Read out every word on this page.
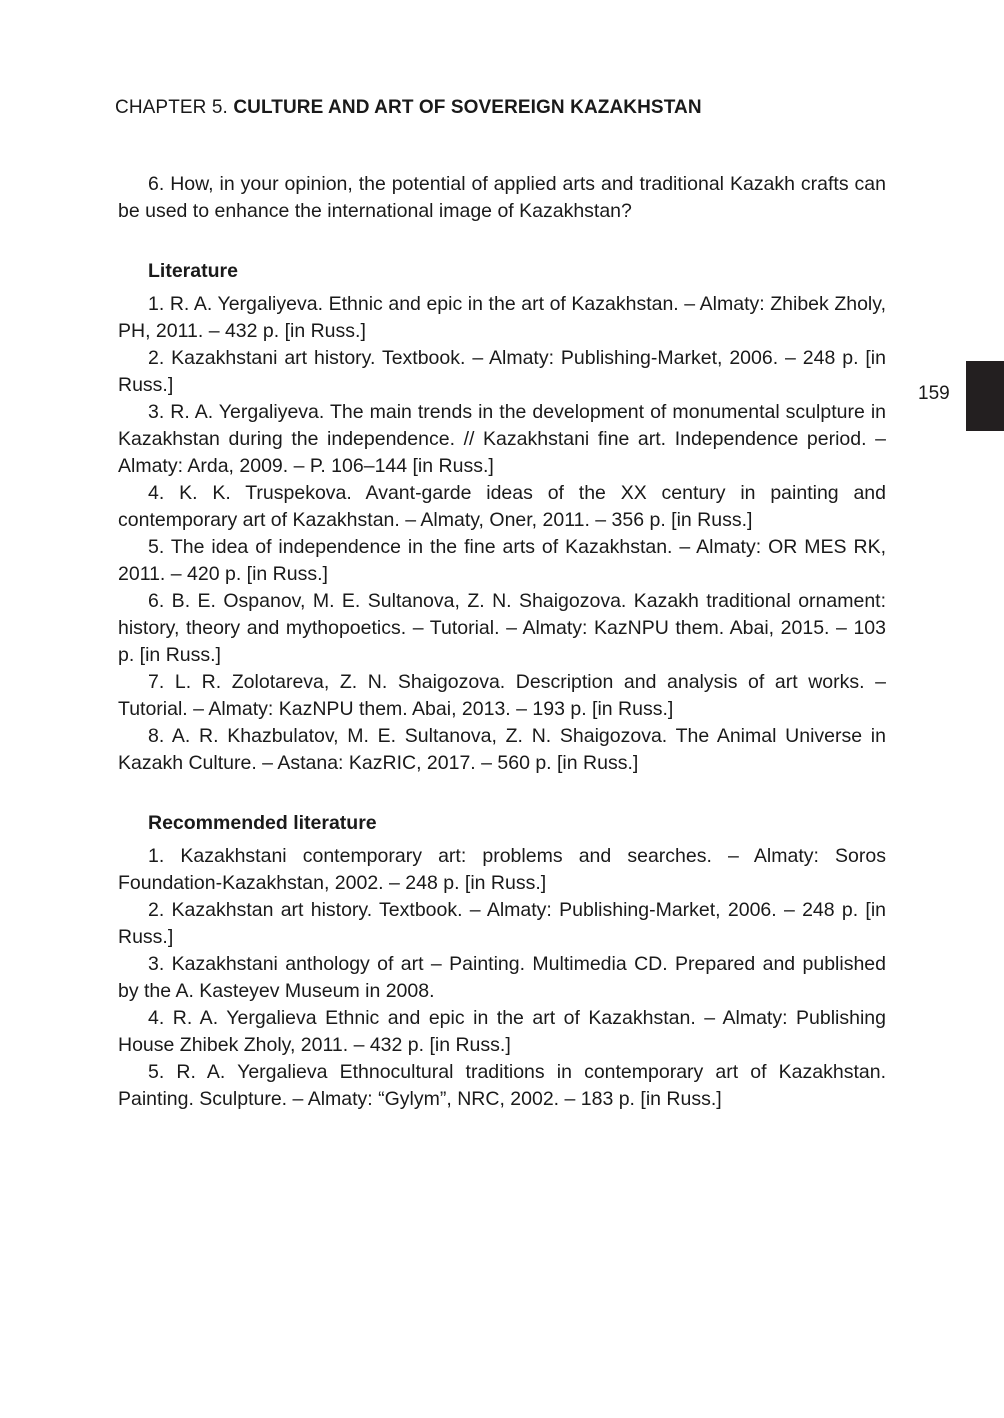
CHAPTER 5. CULTURE AND ART OF SOVEREIGN KAZAKHSTAN
159

6. How, in your opinion, the potential of applied arts and traditional Kazakh crafts can be used to enhance the international image of Kazakhstan?

Literature

1. R. A. Yergaliyeva. Ethnic and epic in the art of Kazakhstan. – Almaty: Zhibek Zholy, PH, 2011. – 432 p. [in Russ.]

2. Kazakhstani art history. Textbook. – Almaty: Publishing-Market, 2006. – 248 p. [in Russ.]

3. R. A. Yergaliyeva. The main trends in the development of monumental sculpture in Kazakhstan during the independence. // Kazakhstani fine art. Independence period. – Almaty: Arda, 2009. – P. 106–144 [in Russ.]

4. K. K. Truspekova. Avant-garde ideas of the XX century in painting and contemporary art of Kazakhstan. – Almaty, Oner, 2011. – 356 p. [in Russ.]

5. The idea of independence in the fine arts of Kazakhstan. – Almaty: OR MES RK, 2011. – 420 p. [in Russ.]

6. B. E. Ospanov, M. E. Sultanova, Z. N. Shaigozova. Kazakh traditional ornament: history, theory and mythopoetics. – Tutorial. – Almaty: KazNPU them. Abai, 2015. – 103 p. [in Russ.]

7. L. R. Zolotareva, Z. N. Shaigozova. Description and analysis of art works. – Tutorial. – Almaty: KazNPU them. Abai, 2013. – 193 p. [in Russ.]

8. A. R. Khazbulatov, M. E. Sultanova, Z. N. Shaigozova. The Animal Universe in Kazakh Culture. – Astana: KazRIC, 2017. – 560 p. [in Russ.]

Recommended literature

1. Kazakhstani contemporary art: problems and searches. – Almaty: Soros Foundation-Kazakhstan, 2002. – 248 p. [in Russ.]

2. Kazakhstan art history. Textbook. – Almaty: Publishing-Market, 2006. – 248 p. [in Russ.]

3. Kazakhstani anthology of art – Painting. Multimedia CD. Prepared and published by the A. Kasteyev Museum in 2008.

4. R. A. Yergalieva Ethnic and epic in the art of Kazakhstan. – Almaty: Publishing House Zhibek Zholy, 2011. – 432 p. [in Russ.]

5. R. A. Yergalieva Ethnocultural traditions in contemporary art of Kazakhstan. Painting. Sculpture. – Almaty: “Gylym”, NRC, 2002. – 183 p. [in Russ.]
